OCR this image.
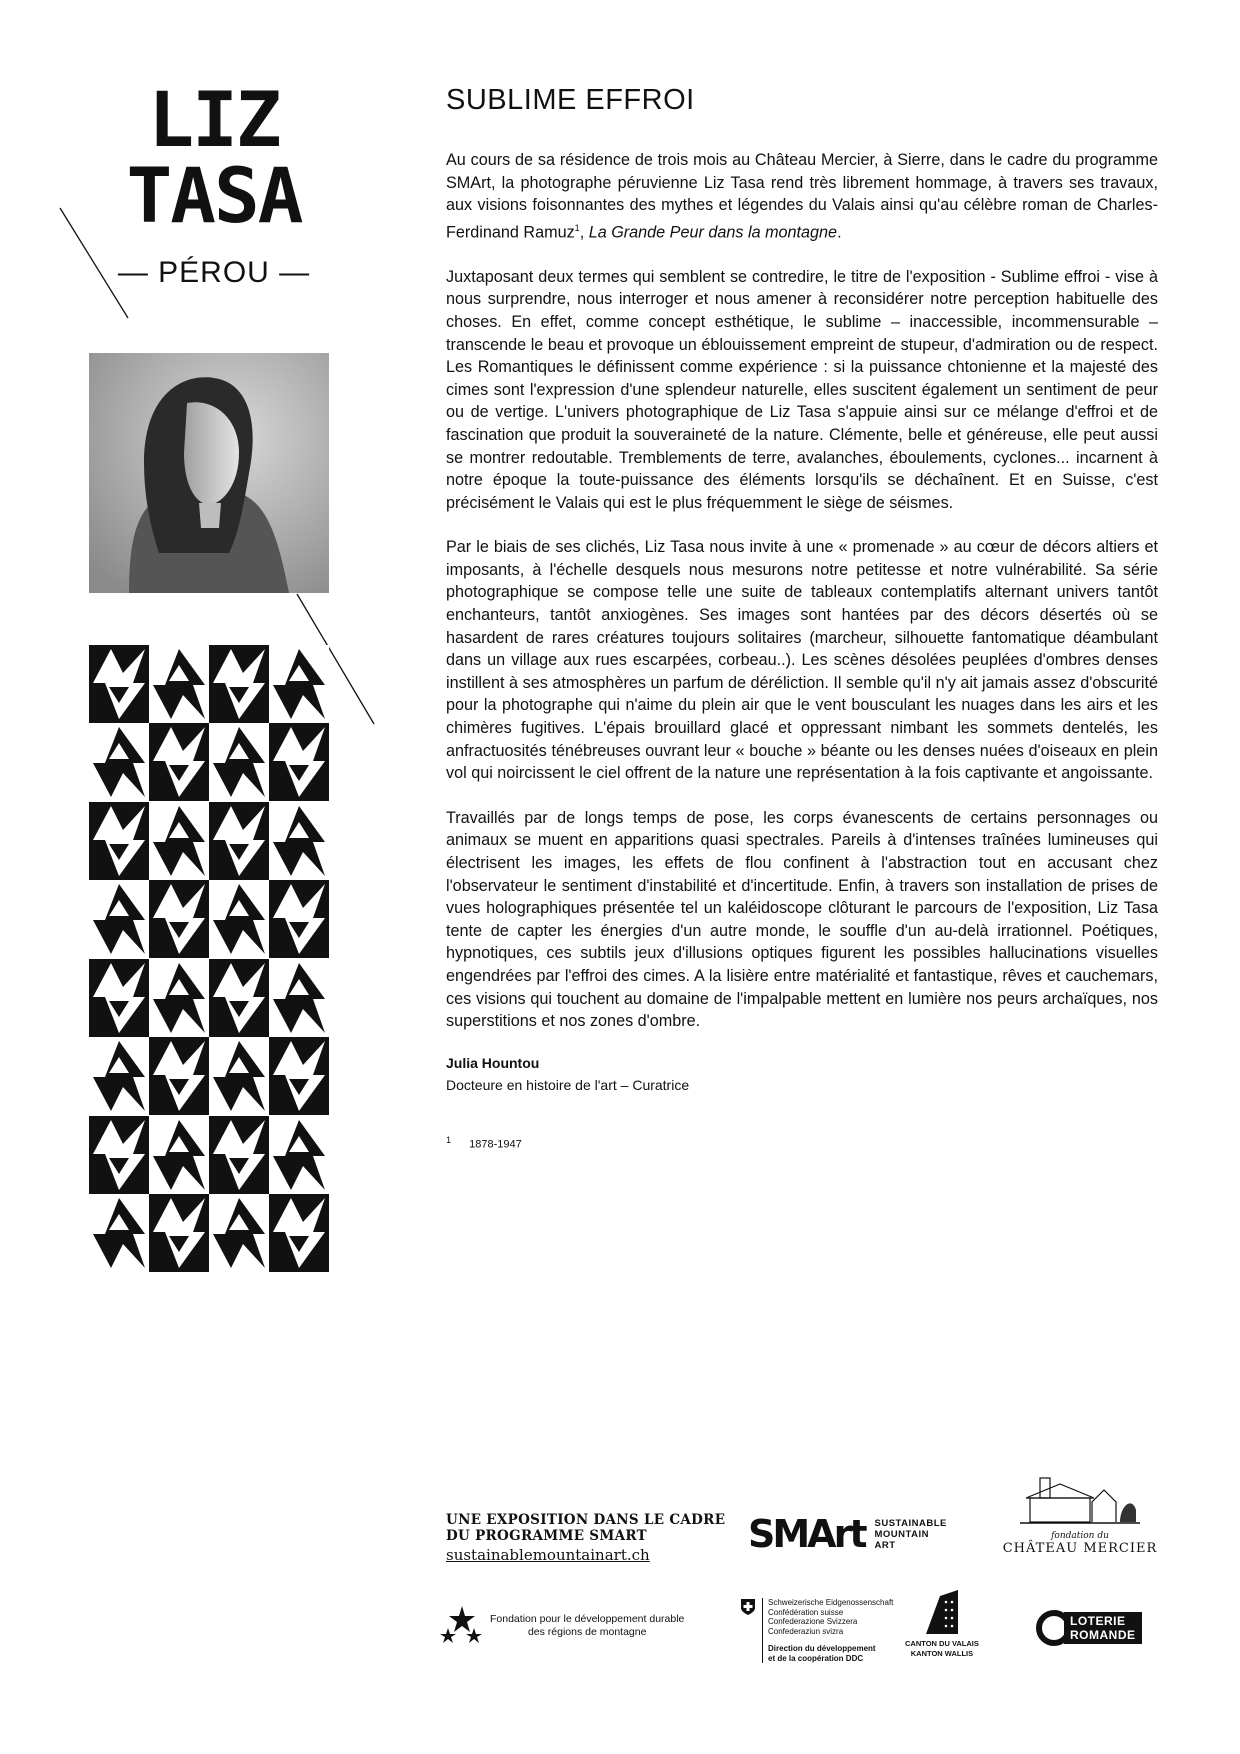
LIZ
TASA
— PÉROU —
SUBLIME EFFROI

Au cours de sa résidence de trois mois au Château Mercier, à Sierre, dans le cadre du programme SMArt, la photographe péruvienne Liz Tasa rend très librement hommage, à travers ses travaux, aux visions foisonnantes des mythes et légendes du Valais ainsi qu'au célèbre roman de Charles-Ferdinand Ramuz$^1$, La Grande Peur dans la montagne.

Juxtaposant deux termes qui semblent se contredire, le titre de l'exposition - Sublime effroi - vise à nous surprendre, nous interroger et nous amener à reconsidérer notre perception habituelle des choses. En effet, comme concept esthétique, le sublime – inaccessible, incommensurable – transcende le beau et provoque un éblouissement empreint de stupeur, d'admiration ou de respect. Les Romantiques le définissent comme expérience : si la puissance chtonienne et la majesté des cimes sont l'expression d'une splendeur naturelle, elles suscitent également un sentiment de peur ou de vertige. L'univers photographique de Liz Tasa s'appuie ainsi sur ce mélange d'effroi et de fascination que produit la souveraineté de la nature. Clémente, belle et généreuse, elle peut aussi se montrer redoutable. Tremblements de terre, avalanches, éboulements, cyclones... incarnent à notre époque la toute-puissance des éléments lorsqu'ils se déchaînent. Et en Suisse, c'est précisément le Valais qui est le plus fréquemment le siège de séismes.

Par le biais de ses clichés, Liz Tasa nous invite à une « promenade » au cœur de décors altiers et imposants, à l'échelle desquels nous mesurons notre petitesse et notre vulnérabilité. Sa série photographique se compose telle une suite de tableaux contemplatifs alternant univers tantôt enchanteurs, tantôt anxiogènes. Ses images sont hantées par des décors désertés où se hasardent de rares créatures toujours solitaires (marcheur, silhouette fantomatique déambulant dans un village aux rues escarpées, corbeau..). Les scènes désolées peuplées d'ombres denses instillent à ses atmosphères un parfum de déréliction. Il semble qu'il n'y ait jamais assez d'obscurité pour la photographe qui n'aime du plein air que le vent bousculant les nuages dans les airs et les chimères fugitives. L'épais brouillard glacé et oppressant nimbant les sommets dentelés, les anfractuosités ténébreuses ouvrant leur « bouche » béante ou les denses nuées d'oiseaux en plein vol qui noircissent le ciel offrent de la nature une représentation à la fois captivante et angoissante.

Travaillés par de longs temps de pose, les corps évanescents de certains personnages ou animaux se muent en apparitions quasi spectrales. Pareils à d'intenses traînées lumineuses qui électrisent les images, les effets de flou confinent à l'abstraction tout en accusant chez l'observateur le sentiment d'instabilité et d'incertitude. Enfin, à travers son installation de prises de vues holographiques présentée tel un kaléidoscope clôturant le parcours de l'exposition, Liz Tasa tente de capter les énergies d'un autre monde, le souffle d'un au-delà irrationnel. Poétiques, hypnotiques, ces subtils jeux d'illusions optiques figurent les possibles hallucinations visuelles engendrées par l'effroi des cimes. A la lisière entre matérialité et fantastique, rêves et cauchemars, ces visions qui touchent au domaine de l'impalpable mettent en lumière nos peurs archaïques, nos superstitions et nos zones d'ombre.

Julia Hountou
Docteure en histoire de l'art – Curatrice
$^1$ 1878-1947
UNE EXPOSITION DANS LE CADRE
DU PROGRAMME SMART
sustainablemountainart.ch	SMArt SUSTAINABLE
MOUNTAIN
ART
fondation du
CHÂTEAU MERCIER
Fondation pour le développement durable
des régions de montagne
Schweizerische Eidgenossenschaft
Confédération suisse
Confederazione Svizzera
Confederaziun svizra
Direction du développement
et de la coopération DDC
CANTON DU VALAIS
KANTON WALLIS
LOTERIE
ROMANDE
